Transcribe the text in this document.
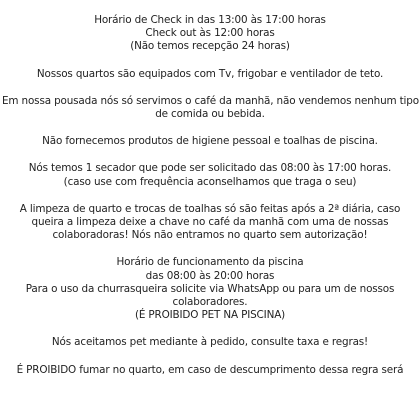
Horário de Check in das 13:00 às 17:00 horas
Check out às 12:00 horas
(Não temos recepção 24 horas)
Nossos quartos são equipados com Tv, frigobar e ventilador de teto.
Em nossa pousada nós só servimos o café da manhã, não vendemos nenhum tipo
de comida ou bebida.
Não fornecemos produtos de higiene pessoal e toalhas de piscina.
Nós temos 1 secador que pode ser solicitado das 08:00 às 17:00 horas.
(caso use com frequência aconselhamos que traga o seu)
A limpeza de quarto e trocas de toalhas só são feitas após a 2ª diária, caso
queira a limpeza deixe a chave no café da manhã com uma de nossas
colaboradoras! Nós não entramos no quarto sem autorização!
Horário de funcionamento da piscina
das 08:00 às 20:00 horas
Para o uso da churrasqueira solicite via WhatsApp ou para um de nossos
colaboradores.
(É PROIBIDO PET NA PISCINA)
Nós aceitamos pet mediante à pedido, consulte taxa e regras!
É PROIBIDO fumar no quarto, em caso de descumprimento dessa regra será
